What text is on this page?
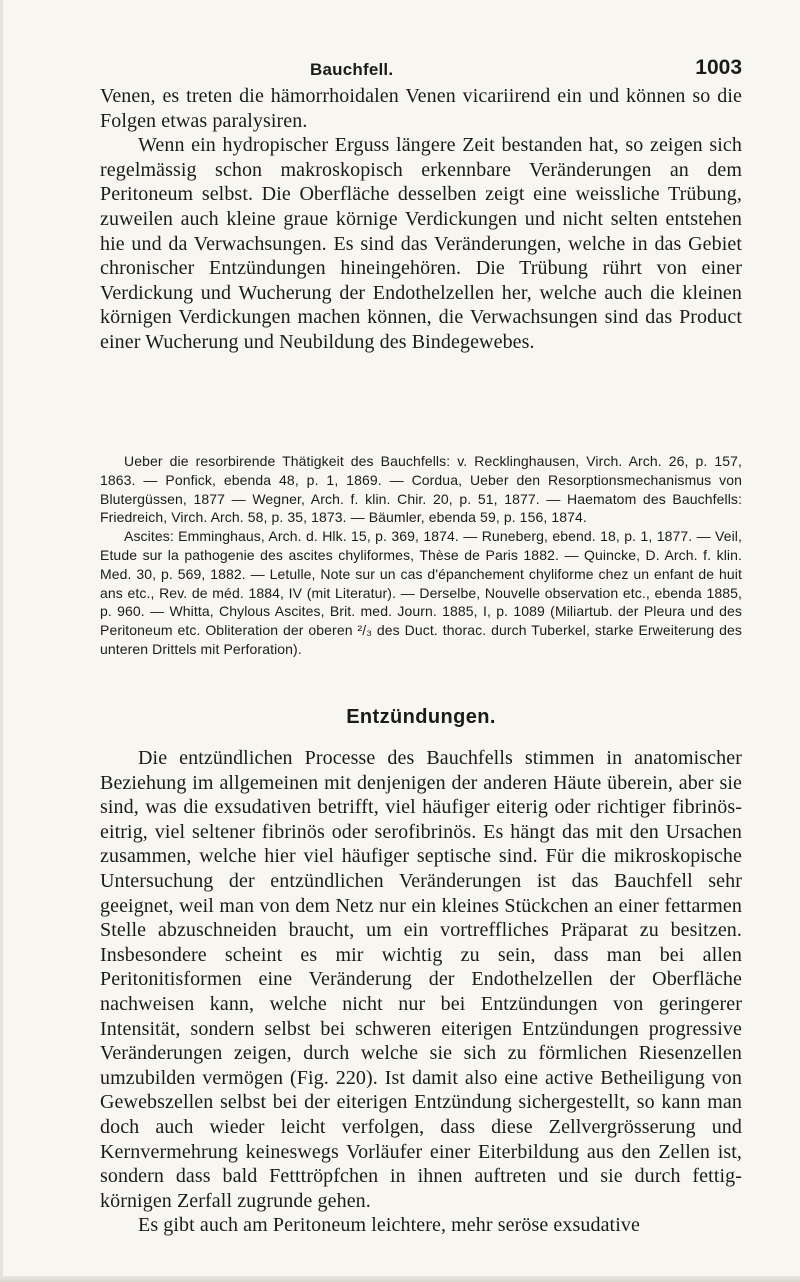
Bauchfell.	1003

Venen, es treten die hämorrhoidalen Venen vicariirend ein und können so die Folgen etwas paralysiren.

Wenn ein hydropischer Erguss längere Zeit bestanden hat, so zeigen sich regelmässig schon makroskopisch erkennbare Veränderungen an dem Peritoneum selbst. Die Oberfläche desselben zeigt eine weissliche Trübung, zuweilen auch kleine graue körnige Verdickungen und nicht selten entstehen hie und da Verwachsungen. Es sind das Veränderungen, welche in das Gebiet chronischer Entzündungen hineingehören. Die Trübung rührt von einer Verdickung und Wucherung der Endothelzellen her, welche auch die kleinen körnigen Verdickungen machen können, die Verwachsungen sind das Product einer Wucherung und Neubildung des Bindegewebes.

Ueber die resorbirende Thätigkeit des Bauchfells: v. Recklinghausen, Virch. Arch. 26, p. 157, 1863. — Ponfick, ebenda 48, p. 1, 1869. — Cordua, Ueber den Resorptionsmechanismus von Blutergüssen, 1877 — Wegner, Arch. f. klin. Chir. 20, p. 51, 1877. — Haematom des Bauchfells: Friedreich, Virch. Arch. 58, p. 35, 1873. — Bäumler, ebenda 59, p. 156, 1874.

Ascites: Emminghaus, Arch. d. Hlk. 15, p. 369, 1874. — Runeberg, ebend. 18, p. 1, 1877. — Veil, Etude sur la pathogenie des ascites chyliformes, Thèse de Paris 1882. — Quincke, D. Arch. f. klin. Med. 30, p. 569, 1882. — Letulle, Note sur un cas d'épanchement chyliforme chez un enfant de huit ans etc., Rev. de méd. 1884, IV (mit Literatur). — Derselbe, Nouvelle observation etc., ebenda 1885, p. 960. — Whitta, Chylous Ascites, Brit. med. Journ. 1885, I, p. 1089 (Miliartub. der Pleura und des Peritoneum etc. Obliteration der oberen ²/₃ des Duct. thorac. durch Tuberkel, starke Erweiterung des unteren Drittels mit Perforation).

Entzündungen.

Die entzündlichen Processe des Bauchfells stimmen in anatomischer Beziehung im allgemeinen mit denjenigen der anderen Häute überein, aber sie sind, was die exsudativen betrifft, viel häufiger eiterig oder richtiger fibrinös-eitrig, viel seltener fibrinös oder serofibrinös. Es hängt das mit den Ursachen zusammen, welche hier viel häufiger septische sind. Für die mikroskopische Untersuchung der entzündlichen Veränderungen ist das Bauchfell sehr geeignet, weil man von dem Netz nur ein kleines Stückchen an einer fettarmen Stelle abzuschneiden braucht, um ein vortreffliches Präparat zu besitzen. Insbesondere scheint es mir wichtig zu sein, dass man bei allen Peritonitisformen eine Veränderung der Endothelzellen der Oberfläche nachweisen kann, welche nicht nur bei Entzündungen von geringerer Intensität, sondern selbst bei schweren eiterigen Entzündungen progressive Veränderungen zeigen, durch welche sie sich zu förmlichen Riesenzellen umzubilden vermögen (Fig. 220). Ist damit also eine active Betheiligung von Gewebszellen selbst bei der eiterigen Entzündung sichergestellt, so kann man doch auch wieder leicht verfolgen, dass diese Zellvergrösserung und Kernvermehrung keineswegs Vorläufer einer Eiterbildung aus den Zellen ist, sondern dass bald Fetttröpfchen in ihnen auftreten und sie durch fettig-körnigen Zerfall zugrunde gehen.

Es gibt auch am Peritoneum leichtere, mehr seröse exsudative
